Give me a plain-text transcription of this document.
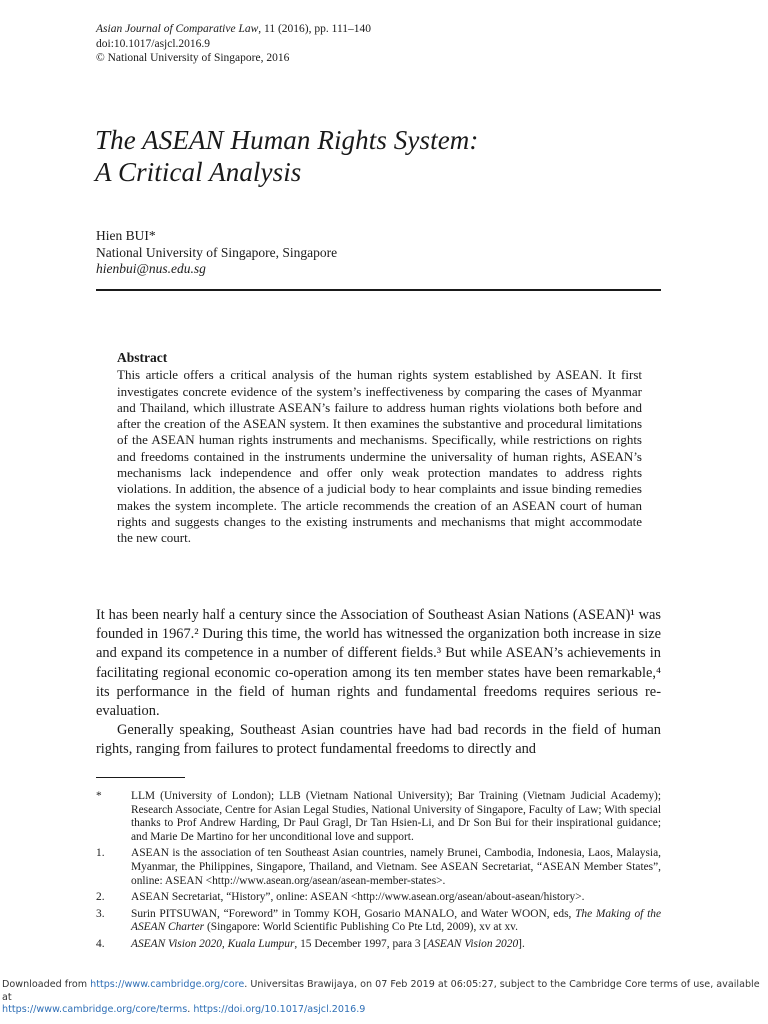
Asian Journal of Comparative Law, 11 (2016), pp. 111–140
doi:10.1017/asjcl.2016.9
© National University of Singapore, 2016
The ASEAN Human Rights System:
A Critical Analysis
Hien BUI*
National University of Singapore, Singapore
hienbui@nus.edu.sg
Abstract

This article offers a critical analysis of the human rights system established by ASEAN. It first investigates concrete evidence of the system’s ineffectiveness by comparing the cases of Myanmar and Thailand, which illustrate ASEAN’s failure to address human rights violations both before and after the creation of the ASEAN system. It then examines the substantive and procedural limitations of the ASEAN human rights instruments and mechanisms. Specifically, while restrictions on rights and freedoms contained in the instruments undermine the universality of human rights, ASEAN’s mechanisms lack independence and offer only weak protection mandates to address rights violations. In addition, the absence of a judicial body to hear complaints and issue binding remedies makes the system incomplete. The article recommends the creation of an ASEAN court of human rights and suggests changes to the existing instruments and mechanisms that might accommodate the new court.

It has been nearly half a century since the Association of Southeast Asian Nations (ASEAN)¹ was founded in 1967.² During this time, the world has witnessed the organization both increase in size and expand its competence in a number of different fields.³ But while ASEAN’s achievements in facilitating regional economic co-operation among its ten member states have been remarkable,⁴ its performance in the field of human rights and fundamental freedoms requires serious re-evaluation.

Generally speaking, Southeast Asian countries have had bad records in the field of human rights, ranging from failures to protect fundamental freedoms to directly and

*	LLM (University of London); LLB (Vietnam National University); Bar Training (Vietnam Judicial Academy); Research Associate, Centre for Asian Legal Studies, National University of Singapore, Faculty of Law; With special thanks to Prof Andrew Harding, Dr Paul Gragl, Dr Tan Hsien-Li, and Dr Son Bui for their inspirational guidance; and Marie De Martino for her unconditional love and support.
1.	ASEAN is the association of ten Southeast Asian countries, namely Brunei, Cambodia, Indonesia, Laos, Malaysia, Myanmar, the Philippines, Singapore, Thailand, and Vietnam. See ASEAN Secretariat, “ASEAN Member States”, online: ASEAN <http://www.asean.org/asean/asean-member-states>.
2.	ASEAN Secretariat, “History”, online: ASEAN <http://www.asean.org/asean/about-asean/history>.
3.	Surin PITSUWAN, “Foreword” in Tommy KOH, Gosario MANALO, and Water WOON, eds, The Making of the ASEAN Charter (Singapore: World Scientific Publishing Co Pte Ltd, 2009), xv at xv.
4.	ASEAN Vision 2020, Kuala Lumpur, 15 December 1997, para 3 [ASEAN Vision 2020].
Downloaded from https://www.cambridge.org/core. Universitas Brawijaya, on 07 Feb 2019 at 06:05:27, subject to the Cambridge Core terms of use, available at
https://www.cambridge.org/core/terms. https://doi.org/10.1017/asjcl.2016.9
